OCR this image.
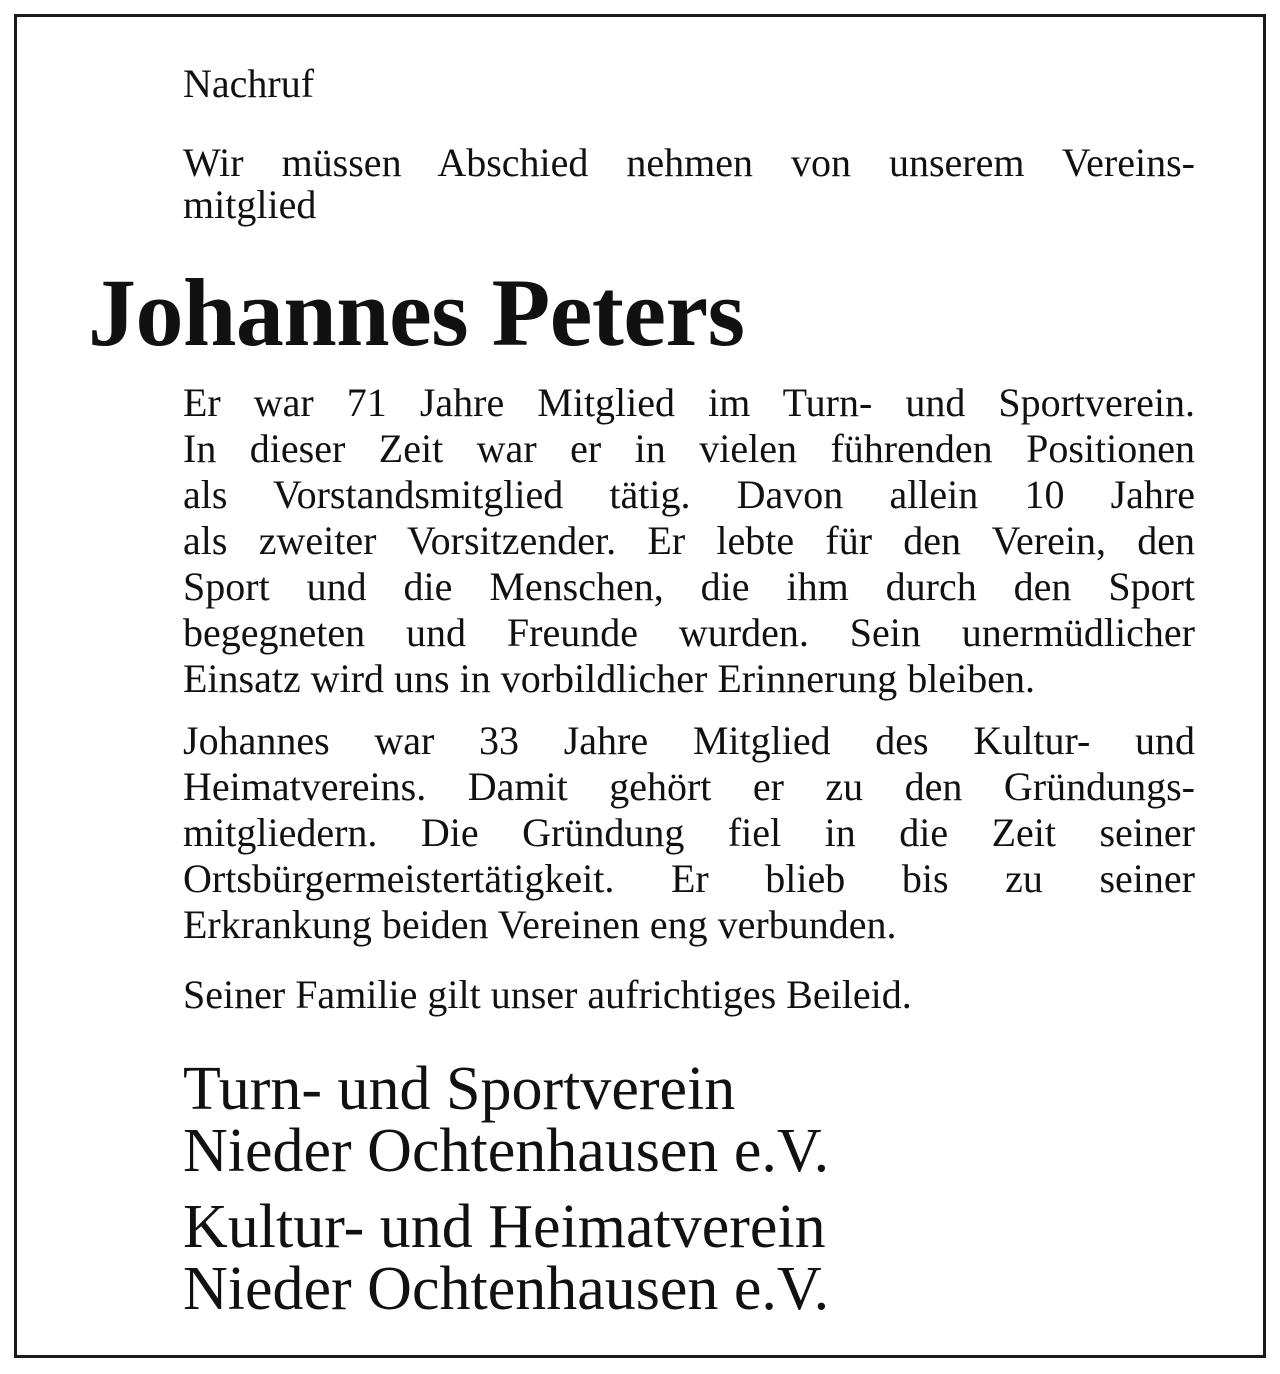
Nachruf

Wir müssen Abschied nehmen von unserem Vereins-
mitglied
Johannes Peters
Er war 71 Jahre Mitglied im Turn- und Sportverein.
In dieser Zeit war er in vielen führenden Positionen
als Vorstandsmitglied tätig. Davon allein 10 Jahre
als zweiter Vorsitzender. Er lebte für den Verein, den
Sport und die Menschen, die ihm durch den Sport
begegneten und Freunde wurden. Sein unermüdlicher
Einsatz wird uns in vorbildlicher Erinnerung bleiben.
Johannes war 33 Jahre Mitglied des Kultur- und
Heimatvereins. Damit gehört er zu den Gründungs-
mitgliedern. Die Gründung fiel in die Zeit seiner
Ortsbürgermeistertätigkeit. Er blieb bis zu seiner
Erkrankung beiden Vereinen eng verbunden.
Seiner Familie gilt unser aufrichtiges Beileid.
Turn- und Sportverein
Nieder Ochtenhausen e.V.
Kultur- und Heimatverein
Nieder Ochtenhausen e.V.
